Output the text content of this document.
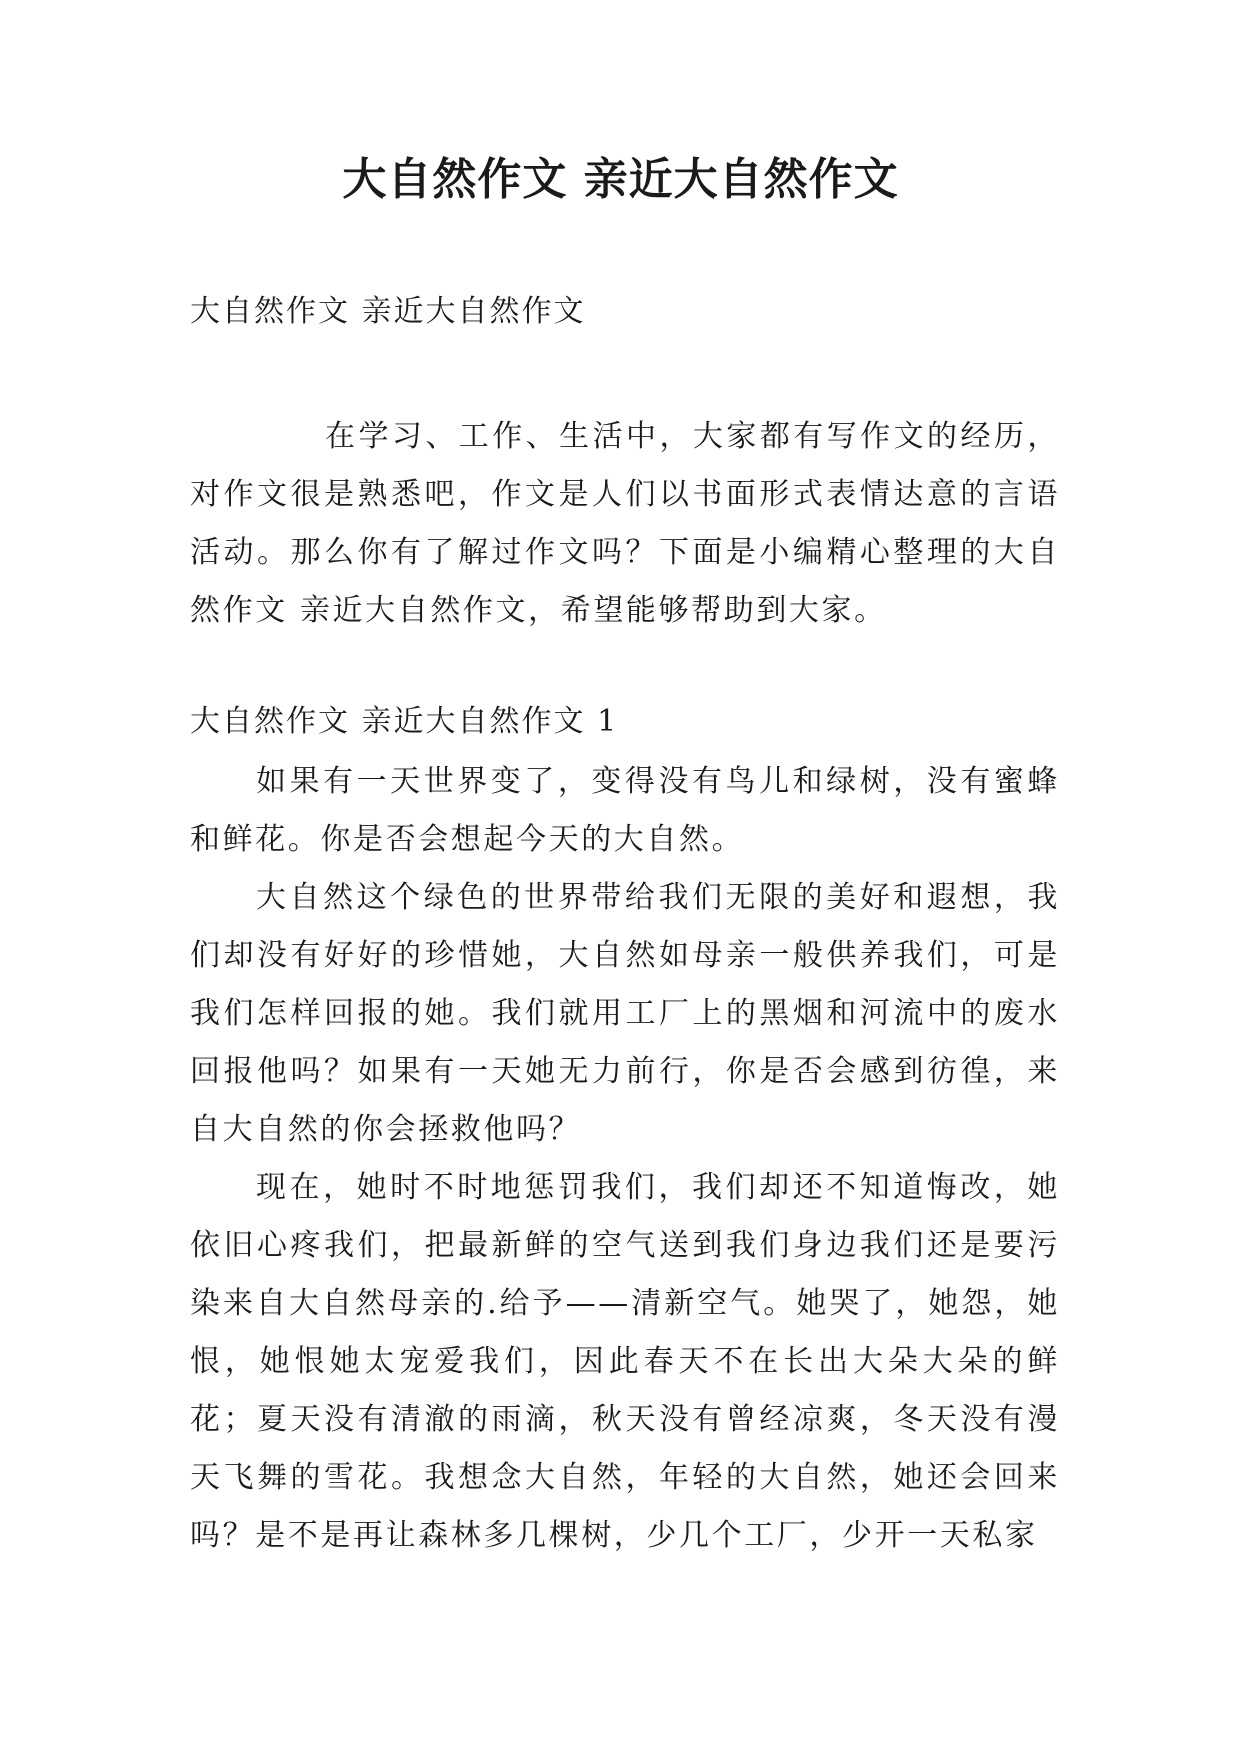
大自然作文 亲近大自然作文

大自然作文 亲近大自然作文

在学习、工作、生活中，大家都有写作文的经历，对作文很是熟悉吧，作文是人们以书面形式表情达意的言语活动。那么你有了解过作文吗？下面是小编精心整理的大自然作文 亲近大自然作文，希望能够帮助到大家。

大自然作文 亲近大自然作文 1

如果有一天世界变了，变得没有鸟儿和绿树，没有蜜蜂和鲜花。你是否会想起今天的大自然。

大自然这个绿色的世界带给我们无限的美好和遐想，我们却没有好好的珍惜她，大自然如母亲一般供养我们，可是我们怎样回报的她。我们就用工厂上的黑烟和河流中的废水回报他吗？如果有一天她无力前行，你是否会感到彷徨，来自大自然的你会拯救他吗？

现在，她时不时地惩罚我们，我们却还不知道悔改，她依旧心疼我们，把最新鲜的空气送到我们身边我们还是要污染来自大自然母亲的.给予——清新空气。她哭了，她怨，她恨，她恨她太宠爱我们，因此春天不在长出大朵大朵的鲜花；夏天没有清澈的雨滴，秋天没有曾经凉爽，冬天没有漫天飞舞的雪花。我想念大自然，年轻的大自然，她还会回来吗？是不是再让森林多几棵树，少几个工厂，少开一天私家
